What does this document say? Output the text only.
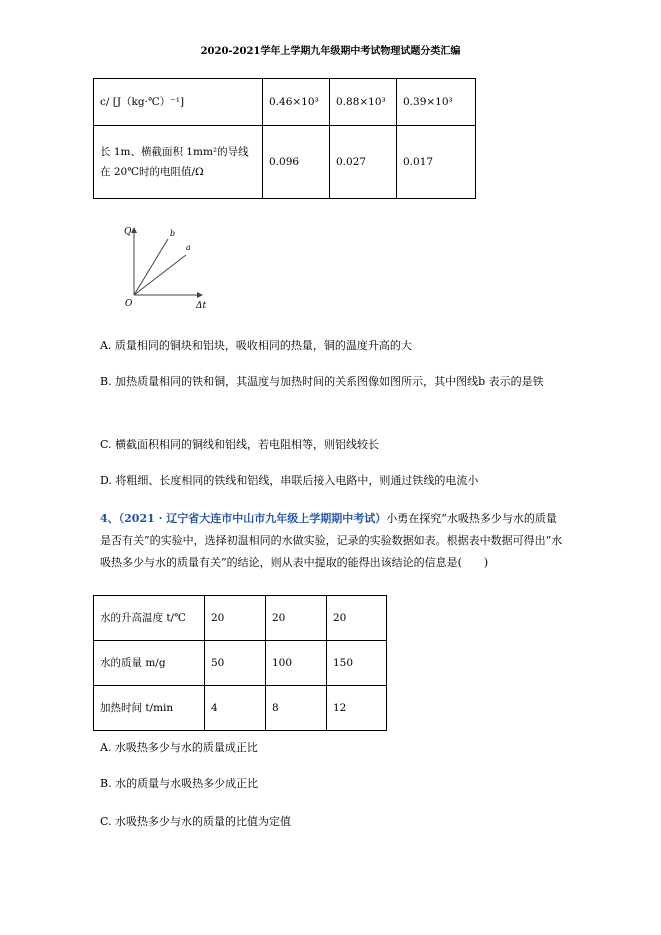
2020-2021学年上学期九年级期中考试物理试题分类汇编
c/ [J（kg·℃）⁻¹]	0.46×10³	0.88×10³	0.39×10³
长 1m、横截面积 1mm²的导线在 20℃时的电阻值/Ω	0.096	0.027	0.017
Q
Δt
O
b
a
A. 质量相同的铜块和铝块，吸收相同的热量，铜的温度升高的大
B. 加热质量相同的铁和铜，其温度与加热时间的关系图像如图所示，其中图线b 表示的是铁
C. 横截面积相同的铜线和铝线，若电阻相等，则铝线较长
D. 将粗细、长度相同的铁线和铝线，串联后接入电路中，则通过铁线的电流小
4、（2021 · 辽宁省大连市中山市九年级上学期期中考试）小勇在探究“水吸热多少与水的质量是否有关”的实验中，选择初温相同的水做实验，记录的实验数据如表。根据表中数据可得出“水吸热多少与水的质量有关”的结论，则从表中提取的能得出该结论的信息是(　　)
水的升高温度 t/℃	20	20	20
水的质量 m/g	50	100	150
加热时间 t/min	4	8	12
A. 水吸热多少与水的质量成正比
B. 水的质量与水吸热多少成正比
C. 水吸热多少与水的质量的比值为定值
